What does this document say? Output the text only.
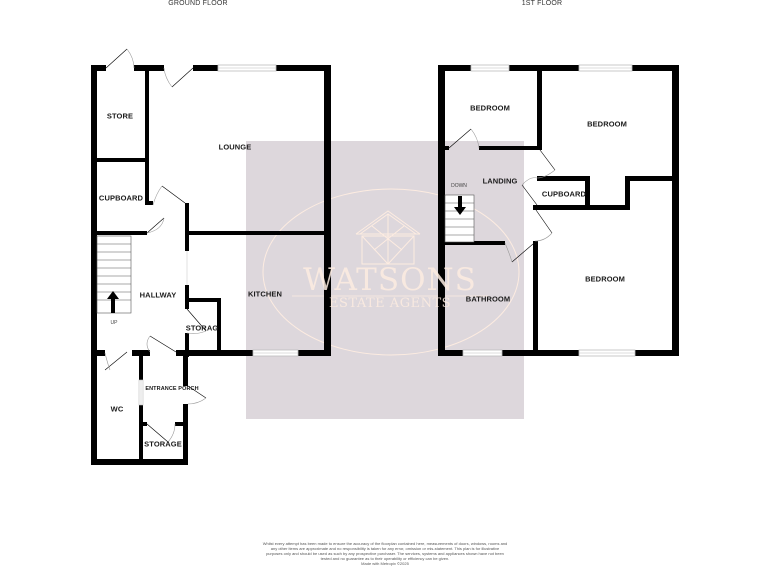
WATSONS
ESTATE AGENTS
GROUND FLOOR	1ST FLOOR
STORE
LOUNGE
CUPBOARD
HALLWAY	KITCHEN
STORAG
ENTRANCE PORCH
WC
STORAGE
UP
BEDROOM
BEDROOM
LANDING
CUPBOARD
BATHROOM
BEDROOM
DOWN
Whilst every attempt has been made to ensure the accuracy of the floorplan contained here, measurements of doors, windows, rooms and any other items are approximate and no responsibility is taken for any error, omission or mis-statement. This plan is for illustrative purposes only and should be used as such by any prospective purchaser. The services, systems and appliances shown have not been tested and no guarantee as to their operability or efficiency can be given.
Made with Metropix ©2025
